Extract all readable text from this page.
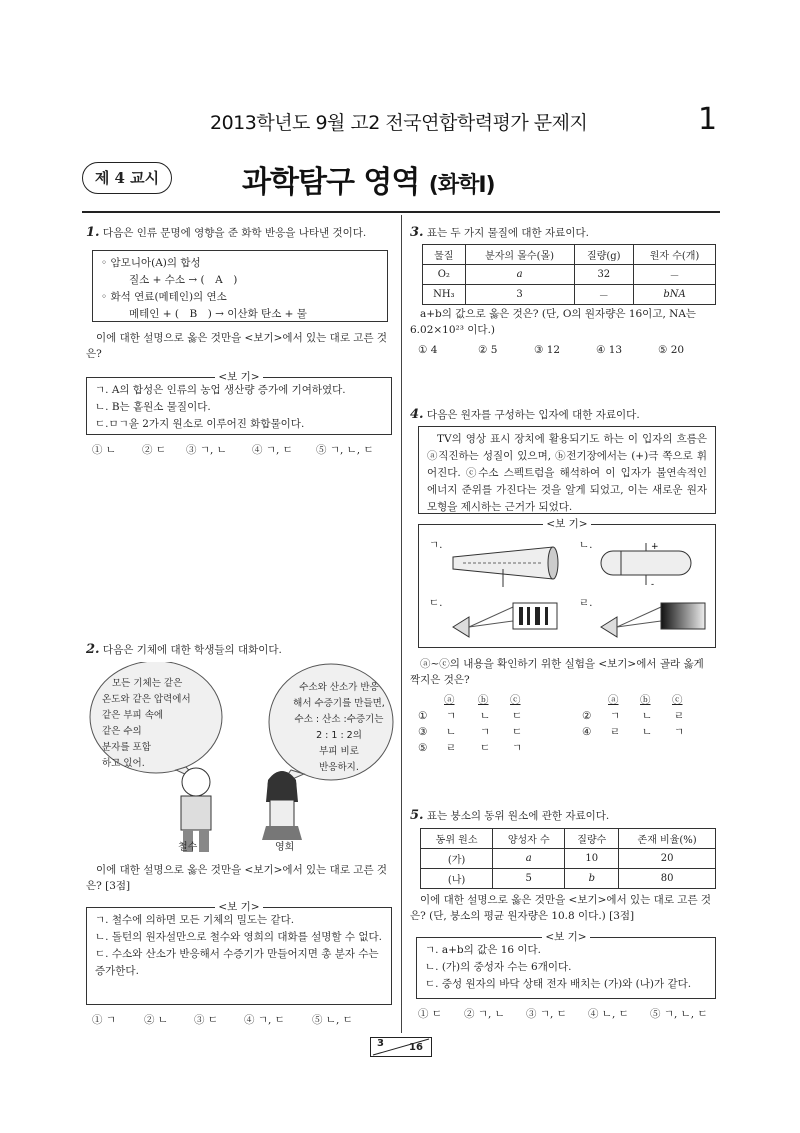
2013학년도 9월 고2 전국연합학력평가 문제지	1
제 4 교시	과학탐구 영역 (화학Ⅰ)
1. 다음은 인류 문명에 영향을 준 화학 반응을 나타낸 것이다.
◦ 암모니아(A)의 합성
질소 + 수소 → (　A　)
◦ 화석 연료(메테인)의 연소
메테인 + (　B　) → 이산화 탄소 + 물
이에 대한 설명으로 옳은 것만을 <보기>에서 있는 대로 고른 것은?
<보 기>
ㄱ. A의 합성은 인류의 농업 생산량 증가에 기여하였다.
ㄴ. B는 홑원소 물질이다.
ㄷ.ㅁㄱ윤 2가지 원소로 이루어진 화합물이다.
① ㄴ ② ㄷ ③ ㄱ, ㄴ ④ ㄱ, ㄷ ⑤ ㄱ, ㄴ, ㄷ
2. 다음은 기체에 대한 학생들의 대화이다.
모든 기체는 같은
온도와 같은 압력에서
같은 부피 속에
같은 수의
분자를 포함
하고 있어.
수소와 산소가 반응
해서 수증기를 만들면,
수소 : 산소 :수증기는
2 : 1 : 2의
부피 비로
반응하지.
철수	영희
이에 대한 설명으로 옳은 것만을 <보기>에서 있는 대로 고른 것은? [3점]
<보 기>
ㄱ. 철수에 의하면 모든 기체의 밀도는 같다.
ㄴ. 돌턴의 원자설만으로 철수와 영희의 대화를 설명할 수 없다.
ㄷ. 수소와 산소가 반응해서 수증기가 만들어지면 총 분자 수는 증가한다.
① ㄱ	② ㄴ ③ ㄷ ④ ㄱ, ㄷ	⑤ ㄴ, ㄷ
3. 표는 두 가지 물질에 대한 자료이다.
물질	분자의 몰수(몰)	질량(g)	원자 수(개)
O₂	a	32	－
NH₃	3	－	bNA
a+b의 값으로 옳은 것은? (단, O의 원자량은 16이고, NA는 6.02×10²³ 이다.)
① 4	② 5	③ 12	④ 13	⑤ 20
4. 다음은 원자를 구성하는 입자에 대한 자료이다.
TV의 영상 표시 장치에 활용되기도 하는 이 입자의 흐름은 ⓐ직진하는 성질이 있으며, ⓑ전기장에서는 (+)극 쪽으로 휘어진다. ⓒ수소 스펙트럼을 해석하여 이 입자가 불연속적인 에너지 준위를 가진다는 것을 알게 되었고, 이는 새로운 원자 모형을 제시하는 근거가 되었다.
<보 기>
ㄱ.	ㄴ.
ㄷ.	ㄹ.
+
-
ⓐ~ⓒ의 내용을 확인하기 위한 실험을 <보기>에서 골라 옳게 짝지은 것은?
ⓐ ⓑ ⓒ	ⓐ ⓑ ⓒ
① ㄱ ㄴ ㄷ	② ㄱ ㄴ ㄹ
③ ㄴ ㄱ ㄷ	④ ㄹ ㄴ ㄱ
⑤ ㄹ ㄷ ㄱ
5. 표는 붕소의 동위 원소에 관한 자료이다.
동위 원소	양성자 수	질량수	존재 비율(%)
(가)	a	10	20
(나)	5	b	80
이에 대한 설명으로 옳은 것만을 <보기>에서 있는 대로 고른 것은? (단, 붕소의 평균 원자량은 10.8 이다.) [3점]
<보 기>
ㄱ. a+b의 값은 16 이다.
ㄴ. (가)의 중성자 수는 6개이다.
ㄷ. 중성 원자의 바닥 상태 전자 배치는 (가)와 (나)가 같다.
① ㄷ ② ㄱ, ㄴ ③ ㄱ, ㄷ ④ ㄴ, ㄷ ⑤ ㄱ, ㄴ, ㄷ
3	16
